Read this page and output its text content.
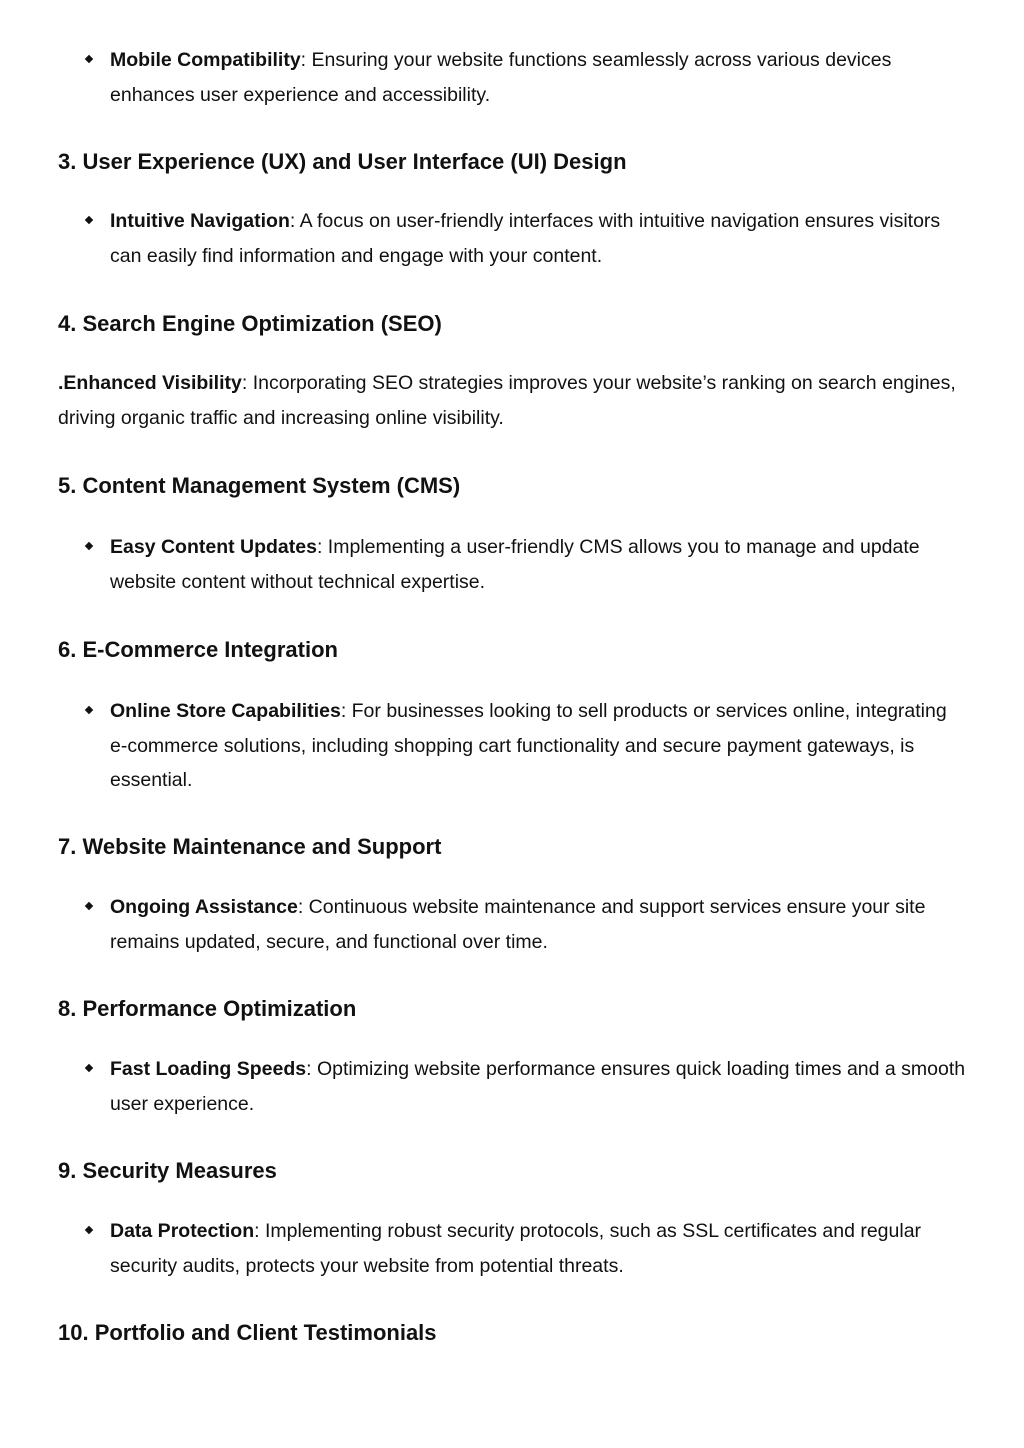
Mobile Compatibility: Ensuring your website functions seamlessly across various devices enhances user experience and accessibility.

3. User Experience (UX) and User Interface (UI) Design

Intuitive Navigation: A focus on user-friendly interfaces with intuitive navigation ensures visitors can easily find information and engage with your content.

4. Search Engine Optimization (SEO)

.Enhanced Visibility: Incorporating SEO strategies improves your website’s ranking on search engines, driving organic traffic and increasing online visibility.

5. Content Management System (CMS)

Easy Content Updates: Implementing a user-friendly CMS allows you to manage and update website content without technical expertise.

6. E-Commerce Integration

Online Store Capabilities: For businesses looking to sell products or services online, integrating e-commerce solutions, including shopping cart functionality and secure payment gateways, is essential.

7. Website Maintenance and Support

Ongoing Assistance: Continuous website maintenance and support services ensure your site remains updated, secure, and functional over time.

8. Performance Optimization

Fast Loading Speeds: Optimizing website performance ensures quick loading times and a smooth user experience.

9. Security Measures

Data Protection: Implementing robust security protocols, such as SSL certificates and regular security audits, protects your website from potential threats.

10. Portfolio and Client Testimonials
